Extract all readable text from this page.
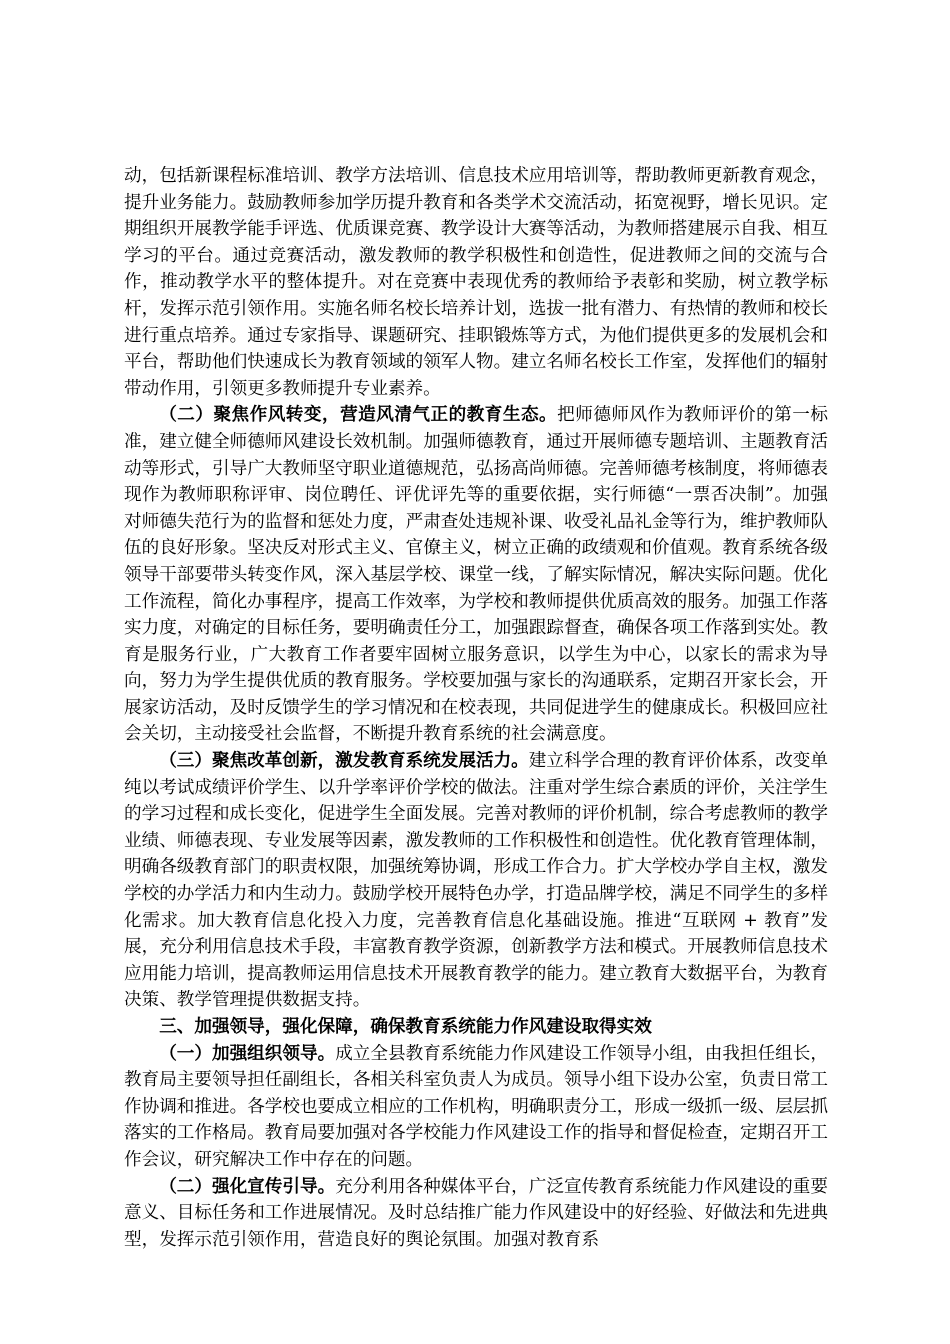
动，包括新课程标准培训、教学方法培训、信息技术应用培训等，帮助教师更新教育观念，提升业务能力。鼓励教师参加学历提升教育和各类学术交流活动，拓宽视野，增长见识。定期组织开展教学能手评选、优质课竞赛、教学设计大赛等活动，为教师搭建展示自我、相互学习的平台。通过竞赛活动，激发教师的教学积极性和创造性，促进教师之间的交流与合作，推动教学水平的整体提升。对在竞赛中表现优秀的教师给予表彰和奖励，树立教学标杆，发挥示范引领作用。实施名师名校长培养计划，选拔一批有潜力、有热情的教师和校长进行重点培养。通过专家指导、课题研究、挂职锻炼等方式，为他们提供更多的发展机会和平台，帮助他们快速成长为教育领域的领军人物。建立名师名校长工作室，发挥他们的辐射带动作用，引领更多教师提升专业素养。

（二）聚焦作风转变，营造风清气正的教育生态。把师德师风作为教师评价的第一标准，建立健全师德师风建设长效机制。加强师德教育，通过开展师德专题培训、主题教育活动等形式，引导广大教师坚守职业道德规范，弘扬高尚师德。完善师德考核制度，将师德表现作为教师职称评审、岗位聘任、评优评先等的重要依据，实行师德“一票否决制”。加强对师德失范行为的监督和惩处力度，严肃查处违规补课、收受礼品礼金等行为，维护教师队伍的良好形象。坚决反对形式主义、官僚主义，树立正确的政绩观和价值观。教育系统各级领导干部要带头转变作风，深入基层学校、课堂一线，了解实际情况，解决实际问题。优化工作流程，简化办事程序，提高工作效率，为学校和教师提供优质高效的服务。加强工作落实力度，对确定的目标任务，要明确责任分工，加强跟踪督查，确保各项工作落到实处。教育是服务行业，广大教育工作者要牢固树立服务意识，以学生为中心，以家长的需求为导向，努力为学生提供优质的教育服务。学校要加强与家长的沟通联系，定期召开家长会，开展家访活动，及时反馈学生的学习情况和在校表现，共同促进学生的健康成长。积极回应社会关切，主动接受社会监督，不断提升教育系统的社会满意度。

（三）聚焦改革创新，激发教育系统发展活力。建立科学合理的教育评价体系，改变单纯以考试成绩评价学生、以升学率评价学校的做法。注重对学生综合素质的评价，关注学生的学习过程和成长变化，促进学生全面发展。完善对教师的评价机制，综合考虑教师的教学业绩、师德表现、专业发展等因素，激发教师的工作积极性和创造性。优化教育管理体制，明确各级教育部门的职责权限，加强统筹协调，形成工作合力。扩大学校办学自主权，激发学校的办学活力和内生动力。鼓励学校开展特色办学，打造品牌学校，满足不同学生的多样化需求。加大教育信息化投入力度，完善教育信息化基础设施。推进“互联网 + 教育”发展，充分利用信息技术手段，丰富教育教学资源，创新教学方法和模式。开展教师信息技术应用能力培训，提高教师运用信息技术开展教育教学的能力。建立教育大数据平台，为教育决策、教学管理提供数据支持。

三、加强领导，强化保障，确保教育系统能力作风建设取得实效

（一）加强组织领导。成立全县教育系统能力作风建设工作领导小组，由我担任组长，教育局主要领导担任副组长，各相关科室负责人为成员。领导小组下设办公室，负责日常工作协调和推进。各学校也要成立相应的工作机构，明确职责分工，形成一级抓一级、层层抓落实的工作格局。教育局要加强对各学校能力作风建设工作的指导和督促检查，定期召开工作会议，研究解决工作中存在的问题。

（二）强化宣传引导。充分利用各种媒体平台，广泛宣传教育系统能力作风建设的重要意义、目标任务和工作进展情况。及时总结推广能力作风建设中的好经验、好做法和先进典型，发挥示范引领作用，营造良好的舆论氛围。加强对教育系
